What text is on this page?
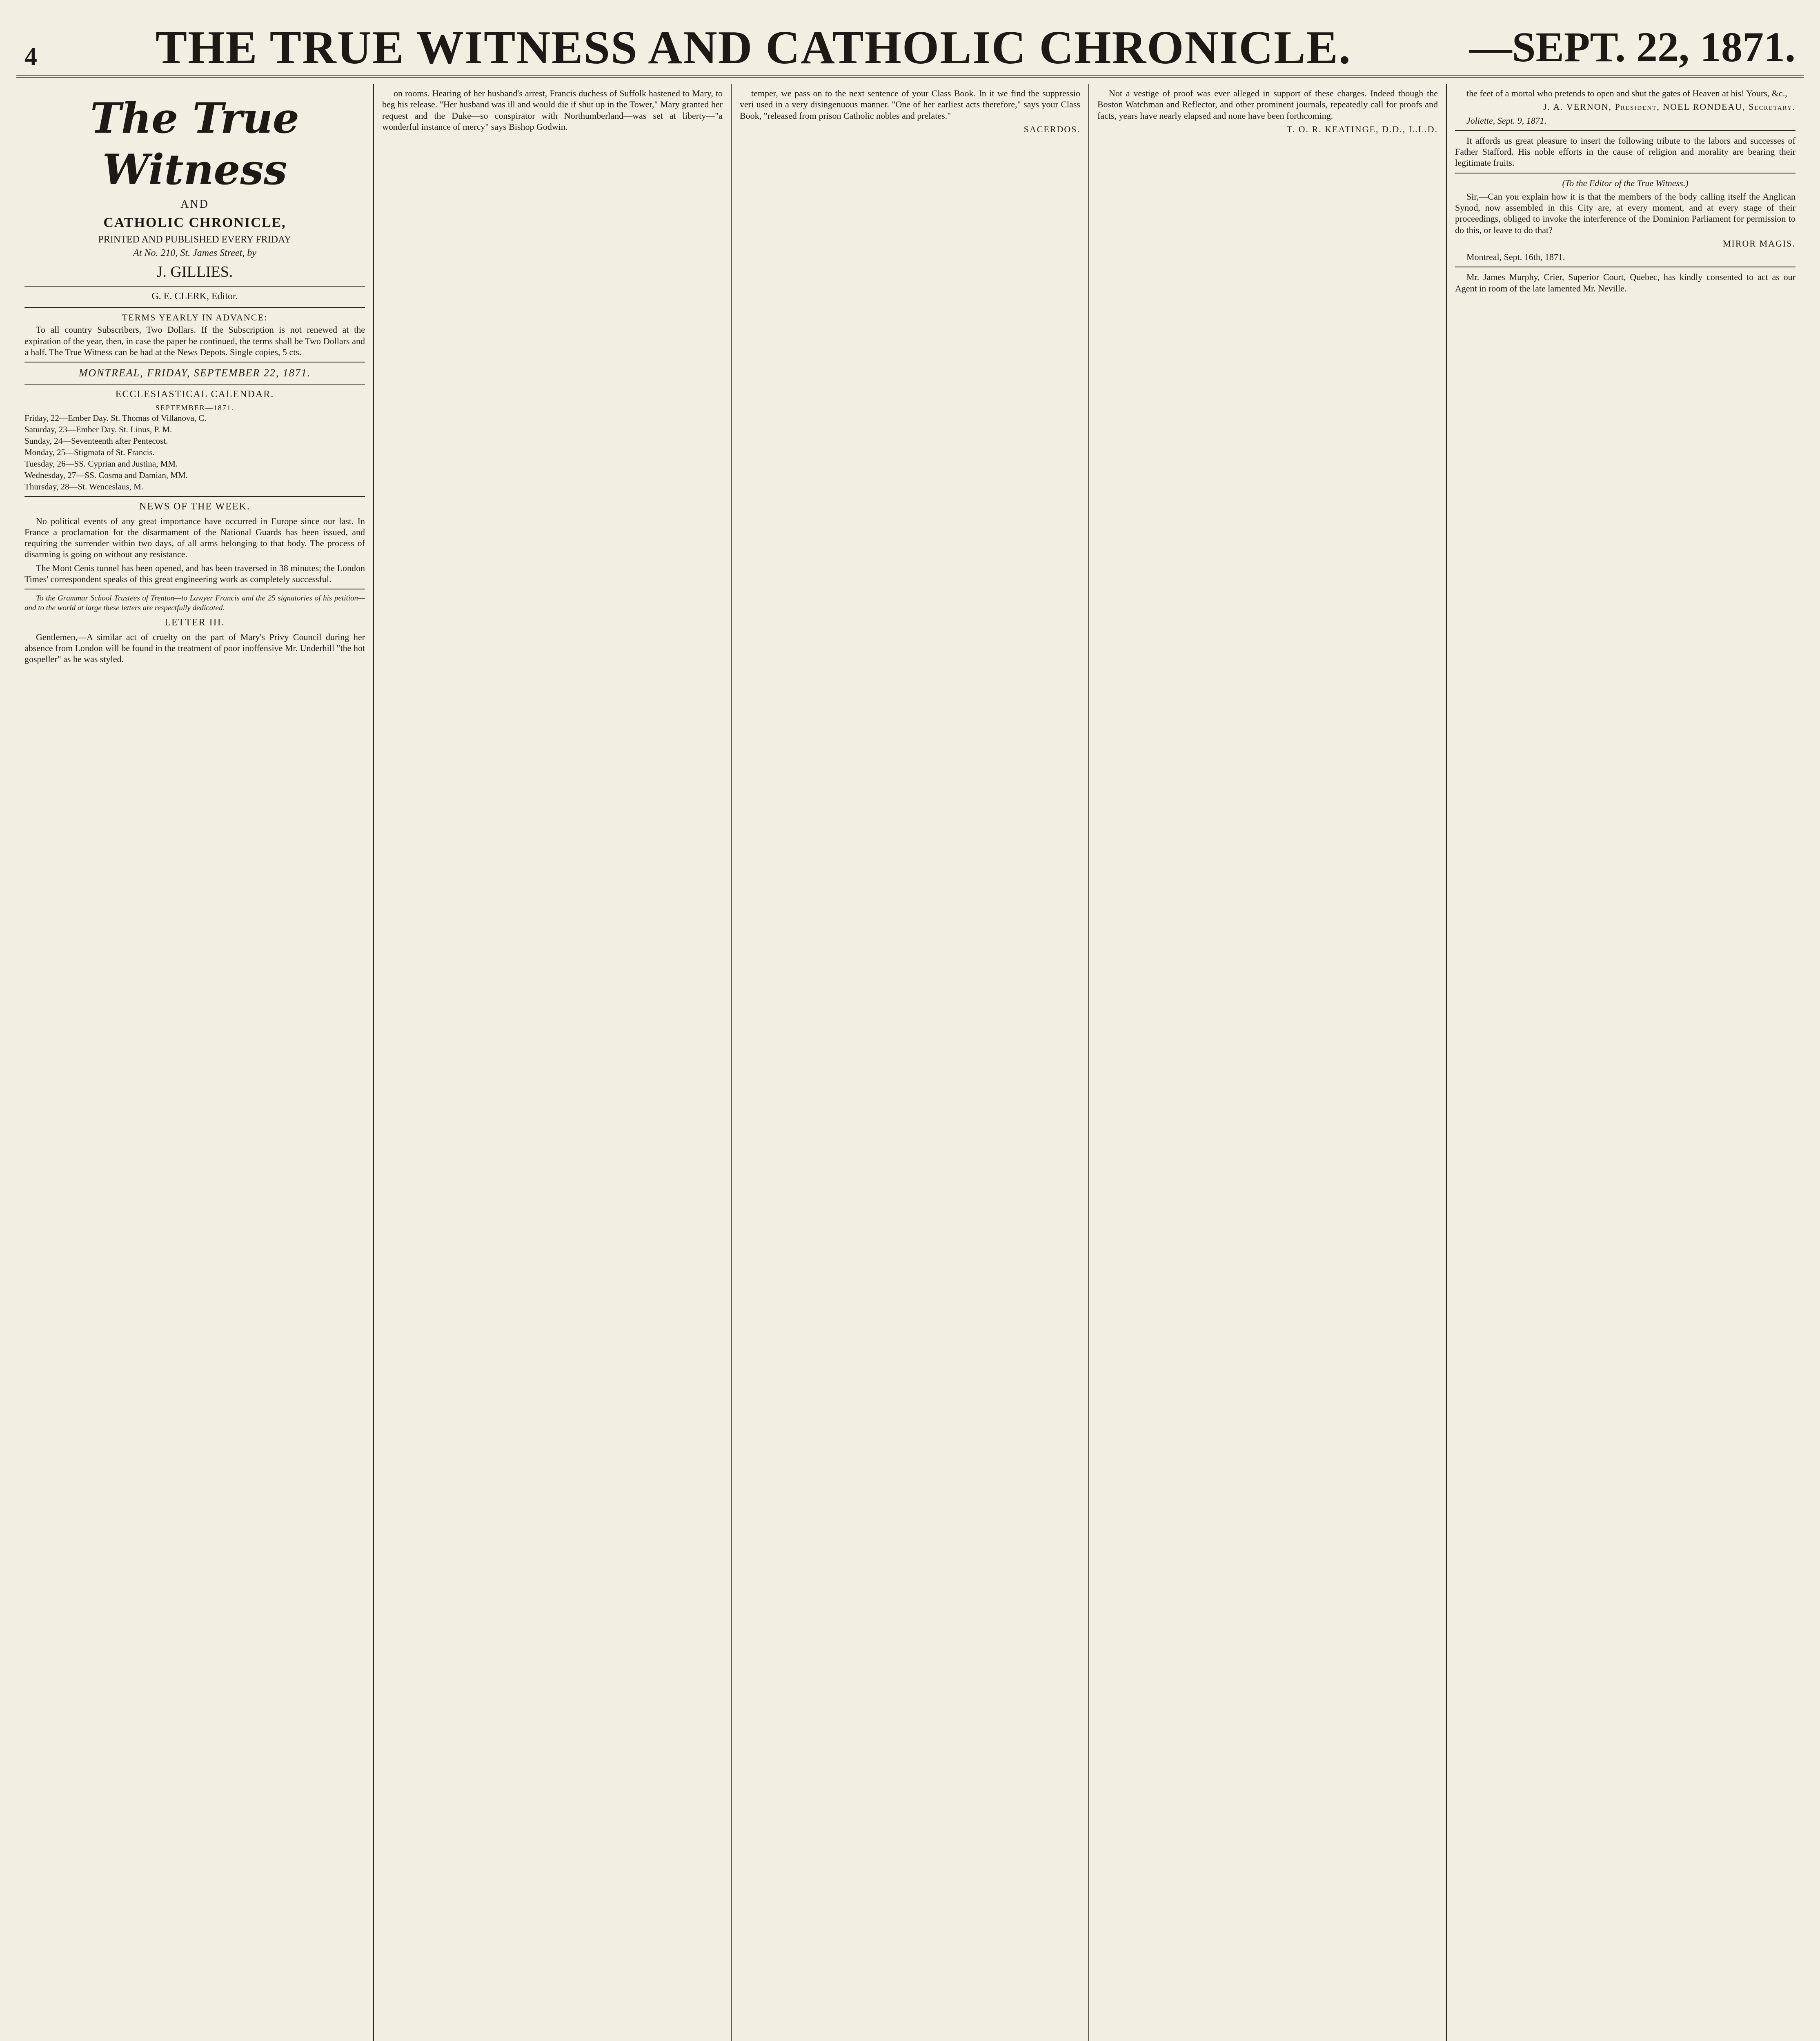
4 THE TRUE WITNESS AND CATHOLIC CHRONICLE.	—SEPT. 22, 1871.
The True Witness
AND
CATHOLIC CHRONICLE,
PRINTED AND PUBLISHED EVERY FRIDAY
At No. 210, St. James Street, by
J. GILLIES.
G. E. CLERK, Editor.
TERMS YEARLY IN ADVANCE:

To all country Subscribers, Two Dollars. If the Subscription is not renewed at the expiration of the year, then, in case the paper be continued, the terms shall be Two Dollars and a half. The True Witness can be had at the News Depots. Single copies, 5 cts.

MONTREAL, FRIDAY, SEPTEMBER 22, 1871.
ECCLESIASTICAL CALENDAR.
SEPTEMBER—1871.

Friday, 22—Ember Day. St. Thomas of Villanova, C.

Saturday, 23—Ember Day. St. Linus, P. M.

Sunday, 24—Seventeenth after Pentecost.

Monday, 25—Stigmata of St. Francis.

Tuesday, 26—SS. Cyprian and Justina, MM.

Wednesday, 27—SS. Cosma and Damian, MM.

Thursday, 28—St. Wenceslaus, M.

NEWS OF THE WEEK.

No political events of any great importance have occurred in Europe since our last. In France a proclamation for the disarmament of the National Guards has been issued, and requiring the surrender within two days, of all arms belonging to that body. The process of disarming is going on without any resistance.

The Mont Cenis tunnel has been opened, and has been traversed in 38 minutes; the London Times' correspondent speaks of this great engineering work as completely successful.

To the Grammar School Trustees of Trenton—to Lawyer Francis and the 25 signatories of his petition—and to the world at large these letters are respectfully dedicated.

LETTER III.

Gentlemen,—A similar act of cruelty on the part of Mary's Privy Council during her absence from London will be found in the treatment of poor inoffensive Mr. Underhill "the hot gospeller" as he was styled.

on rooms. Hearing of her husband's arrest, Francis duchess of Suffolk hastened to Mary, to beg his release. "Her husband was ill and would die if shut up in the Tower," Mary granted her request and the Duke—so conspirator with Northumberland—was set at liberty—"a wonderful instance of mercy" says Bishop Godwin.

temper, we pass on to the next sentence of your Class Book. In it we find the suppressio veri used in a very disingenuous manner. "One of her earliest acts therefore," says your Class Book, "released from prison Catholic nobles and prelates."

SACERDOS.

Not a vestige of proof was ever alleged in support of these charges. Indeed though the Boston Watchman and Reflector, and other prominent journals, repeatedly call for proofs and facts, years have nearly elapsed and none have been forthcoming.

T. O. R. KEATINGE, D.D., L.L.D.

the feet of a mortal who pretends to open and shut the gates of Heaven at his! Yours, &c.,

J. A. VERNON, President, NOEL RONDEAU, Secretary.

Joliette, Sept. 9, 1871.

It affords us great pleasure to insert the following tribute to the labors and successes of Father Stafford. His noble efforts in the cause of religion and morality are bearing their legitimate fruits.

(To the Editor of the True Witness.)

Sir,—Can you explain how it is that the members of the body calling itself the Anglican Synod, now assembled in this City are, at every moment, and at every stage of their proceedings, obliged to invoke the interference of the Dominion Parliament for permission to do this, or leave to do that?

MIROR MAGIS.

Montreal, Sept. 16th, 1871.

Mr. James Murphy, Crier, Superior Court, Quebec, has kindly consented to act as our Agent in room of the late lamented Mr. Neville.
